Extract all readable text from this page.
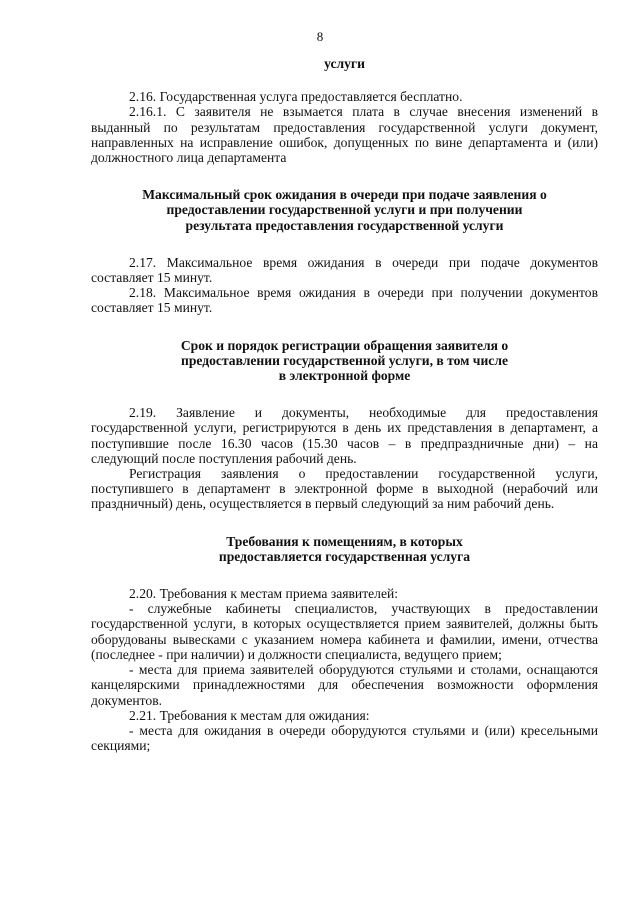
8
услуги

2.16. Государственная услуга предоставляется бесплатно.

2.16.1. С заявителя не взымается плата в случае внесения изменений в выданный по результатам предоставления государственной услуги документ, направленных на исправление ошибок, допущенных по вине департамента и (или) должностного лица департамента

Максимальный срок ожидания в очереди при подаче заявления о
предоставлении государственной услуги и при получении
результата предоставления государственной услуги

2.17. Максимальное время ожидания в очереди при подаче документов составляет 15 минут.

2.18. Максимальное время ожидания в очереди при получении документов составляет 15 минут.

Срок и порядок регистрации обращения заявителя о
предоставлении государственной услуги, в том числе
в электронной форме

2.19. Заявление и документы, необходимые для предоставления государственной услуги, регистрируются в день их представления в департамент, а поступившие после 16.30 часов (15.30 часов – в предпраздничные дни) – на следующий после поступления рабочий день.

Регистрация заявления о предоставлении государственной услуги, поступившего в департамент в электронной форме в выходной (нерабочий или праздничный) день, осуществляется в первый следующий за ним рабочий день.

Требования к помещениям, в которых
предоставляется государственная услуга

2.20. Требования к местам приема заявителей:

- служебные кабинеты специалистов, участвующих в предоставлении государственной услуги, в которых осуществляется прием заявителей, должны быть оборудованы вывесками с указанием номера кабинета и фамилии, имени, отчества (последнее - при наличии) и должности специалиста, ведущего прием;

- места для приема заявителей оборудуются стульями и столами, оснащаются канцелярскими принадлежностями для обеспечения возможности оформления документов.

2.21. Требования к местам для ожидания:

- места для ожидания в очереди оборудуются стульями и (или) кресельными секциями;
